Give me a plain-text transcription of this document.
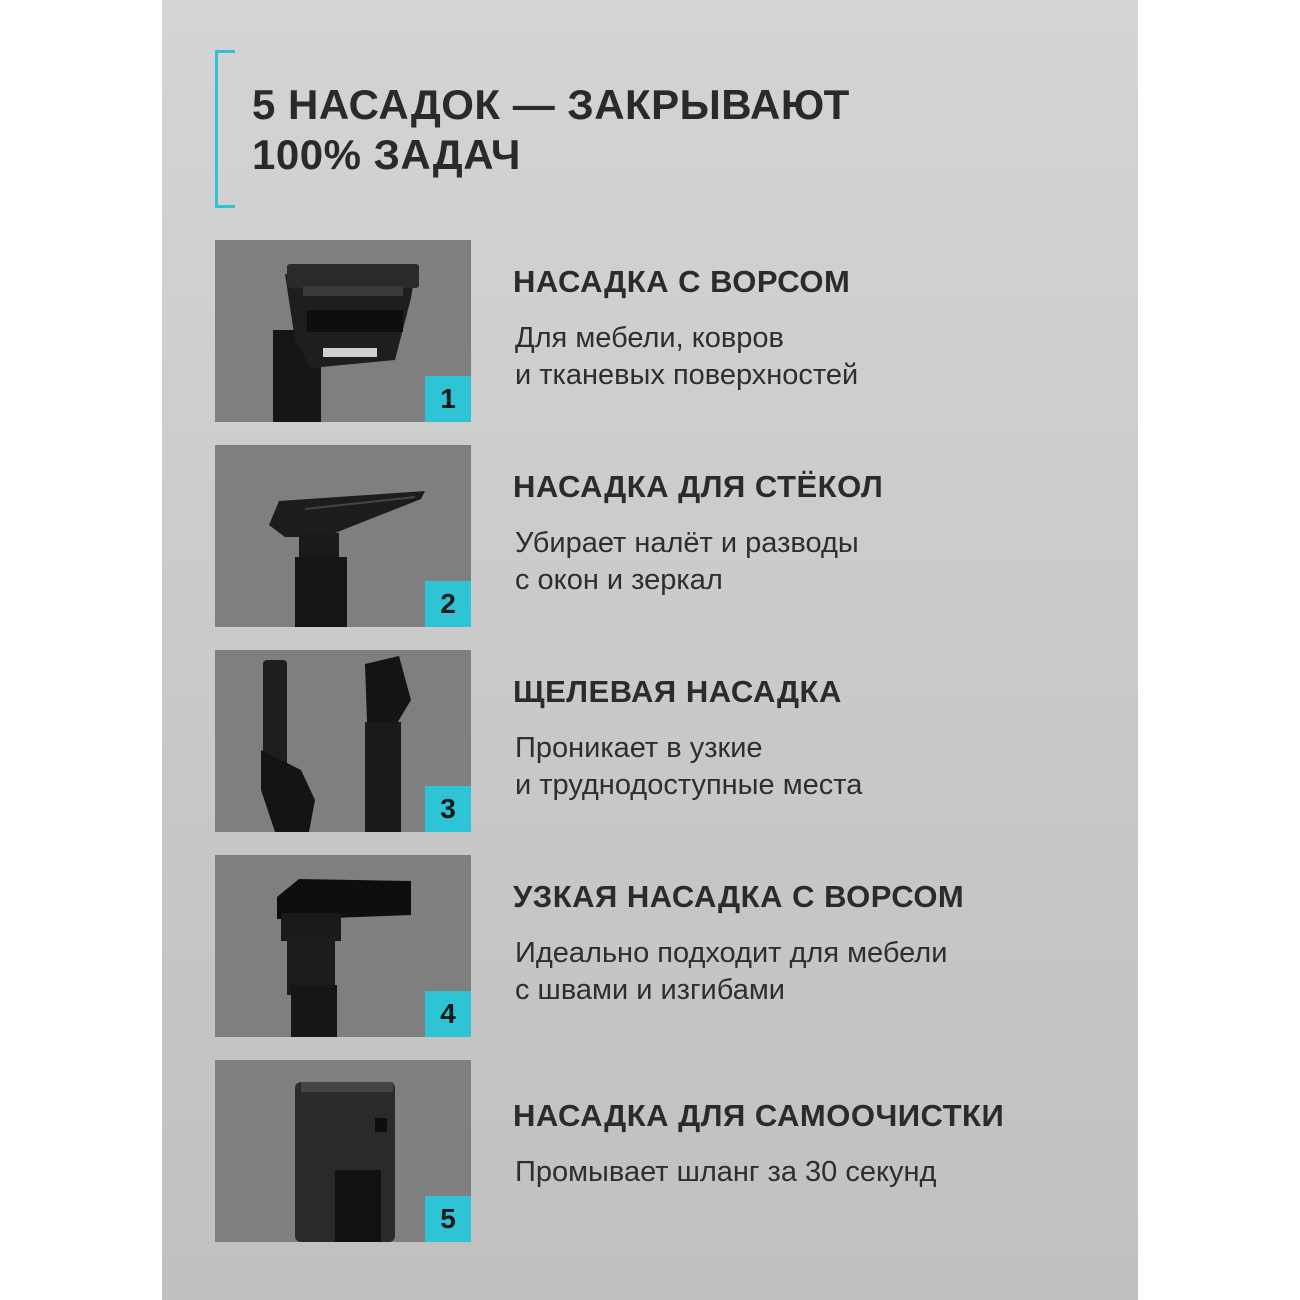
5 НАСАДОК — ЗАКРЫВАЮТ
100% ЗАДАЧ
1
НАСАДКА С ВОРСОМ
Для мебели, ковров
и тканевых поверхностей
2
НАСАДКА ДЛЯ СТЁКОЛ
Убирает налёт и разводы
с окон и зеркал
3
ЩЕЛЕВАЯ НАСАДКА
Проникает в узкие
и труднодоступные места
4
УЗКАЯ НАСАДКА С ВОРСОМ
Идеально подходит для мебели
с швами и изгибами
5
НАСАДКА ДЛЯ САМООЧИСТКИ
Промывает шланг за 30 секунд
